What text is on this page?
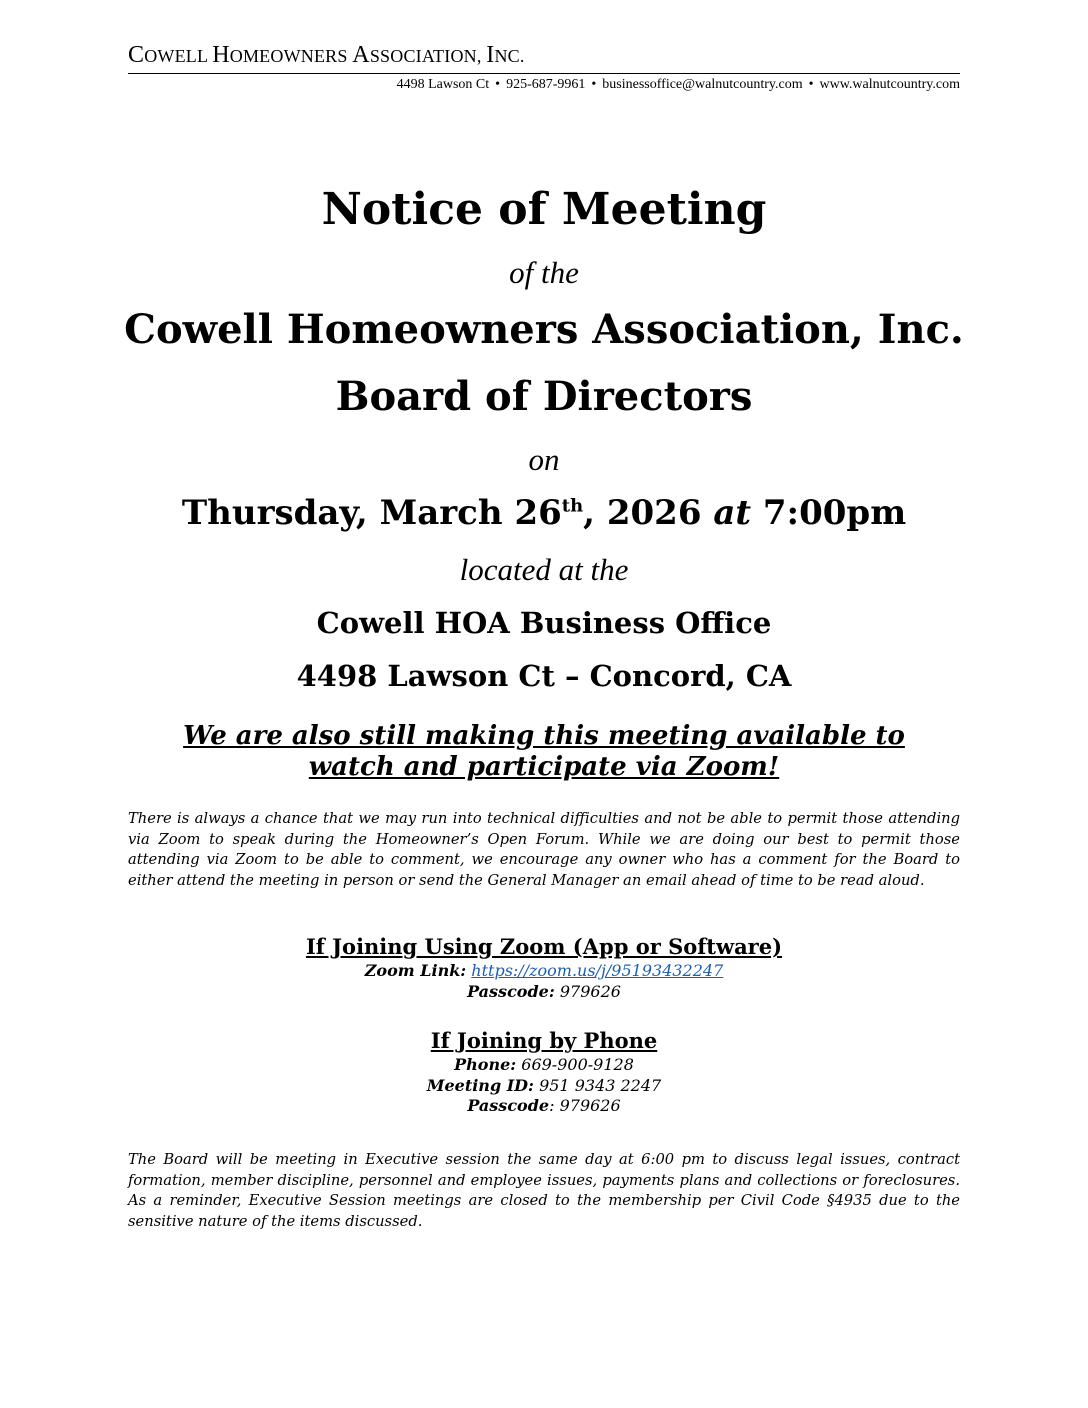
COWELL HOMEOWNERS ASSOCIATION, INC.
4498 Lawson Ct • 925-687-9961 • businessoffice@walnutcountry.com • www.walnutcountry.com
Notice of Meeting
of the
Cowell Homeowners Association, Inc.
Board of Directors
on
Thursday, March 26th, 2026 at 7:00pm
located at the
Cowell HOA Business Office
4498 Lawson Ct – Concord, CA
We are also still making this meeting available to
watch and participate via Zoom!
There is always a chance that we may run into technical difficulties and not be able to permit those attending via Zoom to speak during the Homeowner’s Open Forum. While we are doing our best to permit those attending via Zoom to be able to comment, we encourage any owner who has a comment for the Board to either attend the meeting in person or send the General Manager an email ahead of time to be read aloud.
If Joining Using Zoom (App or Software)
Zoom Link: https://zoom.us/j/95193432247
Passcode: 979626
If Joining by Phone
Phone: 669-900-9128
Meeting ID: 951 9343 2247
Passcode: 979626
The Board will be meeting in Executive session the same day at 6:00 pm to discuss legal issues, contract formation, member discipline, personnel and employee issues, payments plans and collections or foreclosures. As a reminder, Executive Session meetings are closed to the membership per Civil Code §4935 due to the sensitive nature of the items discussed.
